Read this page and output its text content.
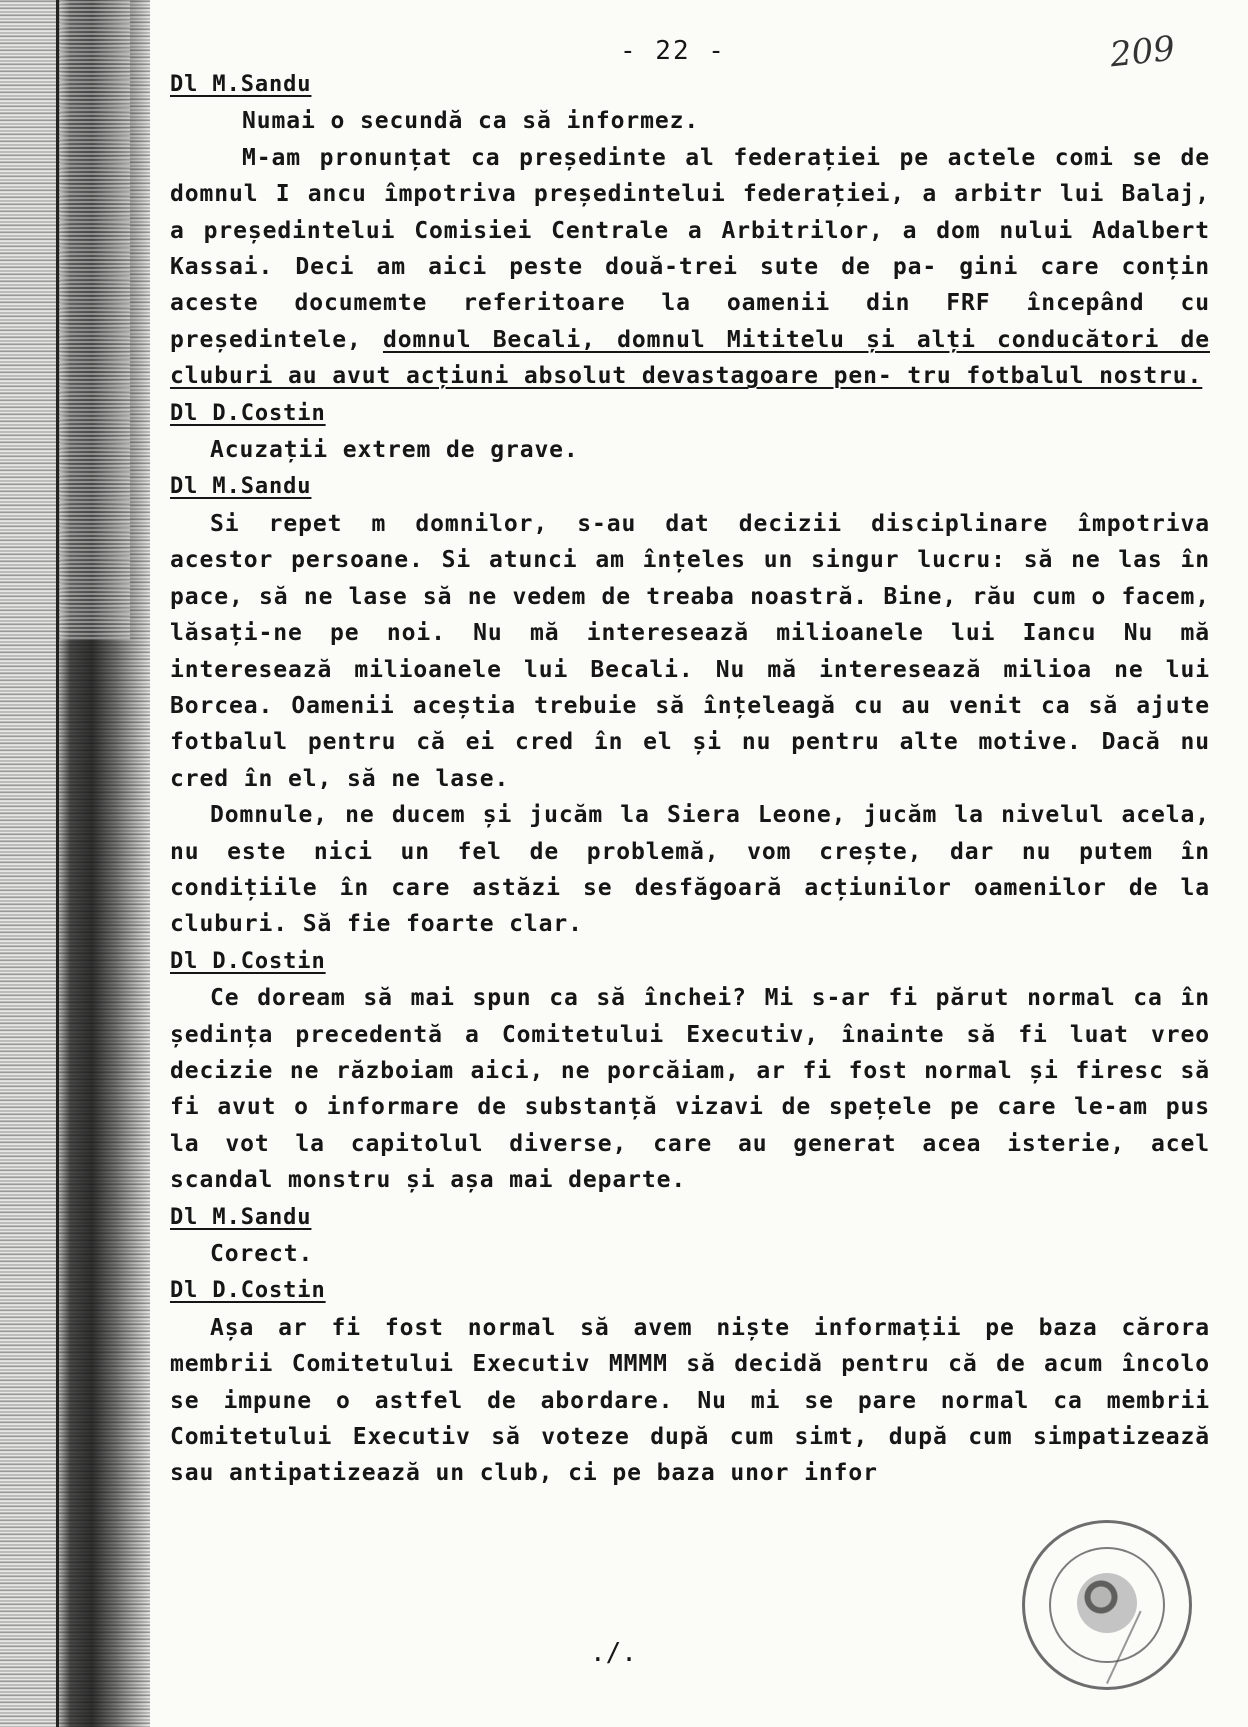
- 22 -	209
Dl M.Sandu
Numai o secundă ca să informez.
M-am pronunțat ca președinte al federației pe actele comi se de domnul I ancu împotriva președintelui federației, a arbitr lui Balaj, a președintelui Comisiei Centrale a Arbitrilor, a dom nului Adalbert Kassai. Deci am aici peste două-trei sute de pa- gini care conțin aceste documemte referitoare la oamenii din FRF începând cu președintele, domnul Becali, domnul Mititelu și alți conducători de cluburi au avut acțiuni absolut devastagoare pen- tru fotbalul nostru.
Dl D.Costin
Acuzații extrem de grave.
Dl M.Sandu
Si repet m domnilor, s-au dat decizii disciplinare împotriva acestor persoane. Si atunci am înțeles un singur lucru: să ne las în pace, să ne lase să ne vedem de treaba noastră. Bine, rău cum o facem, lăsați-ne pe noi. Nu mă interesează milioanele lui Iancu Nu mă interesează milioanele lui Becali. Nu mă interesează milioa ne lui Borcea. Oamenii aceștia trebuie să înțeleagă cu au venit ca să ajute fotbalul pentru că ei cred în el și nu pentru alte motive. Dacă nu cred în el, să ne lase.
Domnule, ne ducem și jucăm la Siera Leone, jucăm la nivelul acela, nu este nici un fel de problemă, vom crește, dar nu putem în condițiile în care astăzi se desfăgoară acțiunilor oamenilor de la cluburi. Să fie foarte clar.
Dl D.Costin
Ce doream să mai spun ca să închei? Mi s-ar fi părut normal ca în ședința precedentă a Comitetului Executiv, înainte să fi luat vreo decizie ne războiam aici, ne porcăiam, ar fi fost normal și firesc să fi avut o informare de substanță vizavi de spețele pe care le-am pus la vot la capitolul diverse, care au generat acea isterie, acel scandal monstru și așa mai departe.
Dl M.Sandu
Corect.
Dl D.Costin
Așa ar fi fost normal să avem niște informații pe baza cărora membrii Comitetului Executiv MMMM să decidă pentru că de acum încolo se impune o astfel de abordare. Nu mi se pare normal ca membrii Comitetului Executiv să voteze după cum simt, după cum simpatizează sau antipatizează un club, ci pe baza unor infor
./.
